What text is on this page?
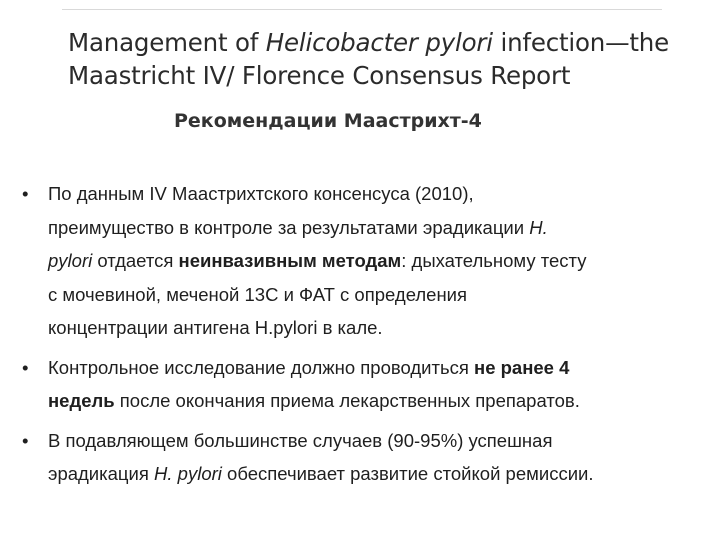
Management of Helicobacter pylori infection—the
Maastricht IV/ Florence Consensus Report
Рекомендации Маастрихт-4
• По данным IV Маастрихтского консенсуса (2010),
преимущество в контроле за результатами эрадикации H.
pylori отдается неинвазивным методам: дыхательному тесту
с мочевиной, меченой 13С и ФАТ с определения
концентрации антигена H.pylori в кале.
• Контрольное исследование должно проводиться не ранее 4
недель после окончания приема лекарственных препаратов.
• В подавляющем большинстве случаев (90-95%) успешная
эрадикация H. pylori обеспечивает развитие стойкой ремиссии.
